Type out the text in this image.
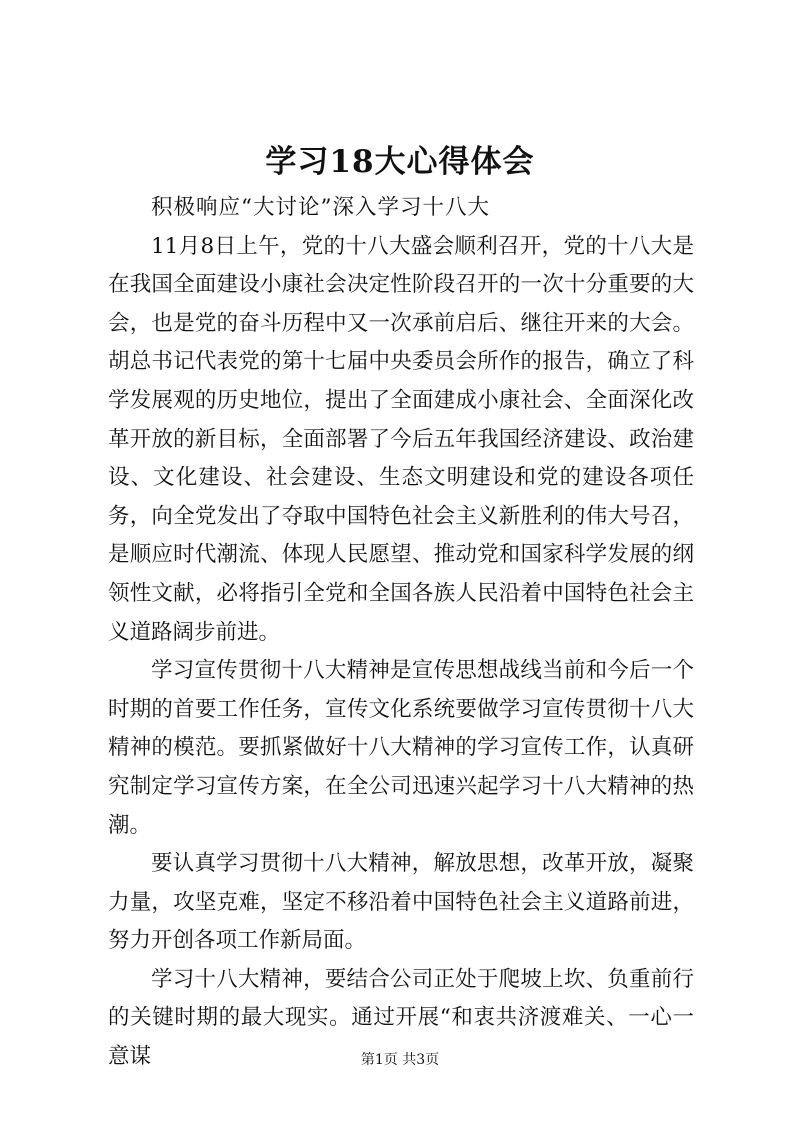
学习18大心得体会

积极响应“大讨论”深入学习十八大

11月8日上午，党的十八大盛会顺利召开，党的十八大是在我国全面建设小康社会决定性阶段召开的一次十分重要的大会，也是党的奋斗历程中又一次承前启后、继往开来的大会。胡总书记代表党的第十七届中央委员会所作的报告，确立了科学发展观的历史地位，提出了全面建成小康社会、全面深化改革开放的新目标，全面部署了今后五年我国经济建设、政治建设、文化建设、社会建设、生态文明建设和党的建设各项任务，向全党发出了夺取中国特色社会主义新胜利的伟大号召，是顺应时代潮流、体现人民愿望、推动党和国家科学发展的纲领性文献，必将指引全党和全国各族人民沿着中国特色社会主义道路阔步前进。

学习宣传贯彻十八大精神是宣传思想战线当前和今后一个时期的首要工作任务，宣传文化系统要做学习宣传贯彻十八大精神的模范。要抓紧做好十八大精神的学习宣传工作，认真研究制定学习宣传方案，在全公司迅速兴起学习十八大精神的热潮。

要认真学习贯彻十八大精神，解放思想，改革开放，凝聚力量，攻坚克难，坚定不移沿着中国特色社会主义道路前进，努力开创各项工作新局面。

学习十八大精神，要结合公司正处于爬坡上坎、负重前行的关键时期的最大现实。通过开展“和衷共济渡难关、一心一意谋	第1页 共3页
